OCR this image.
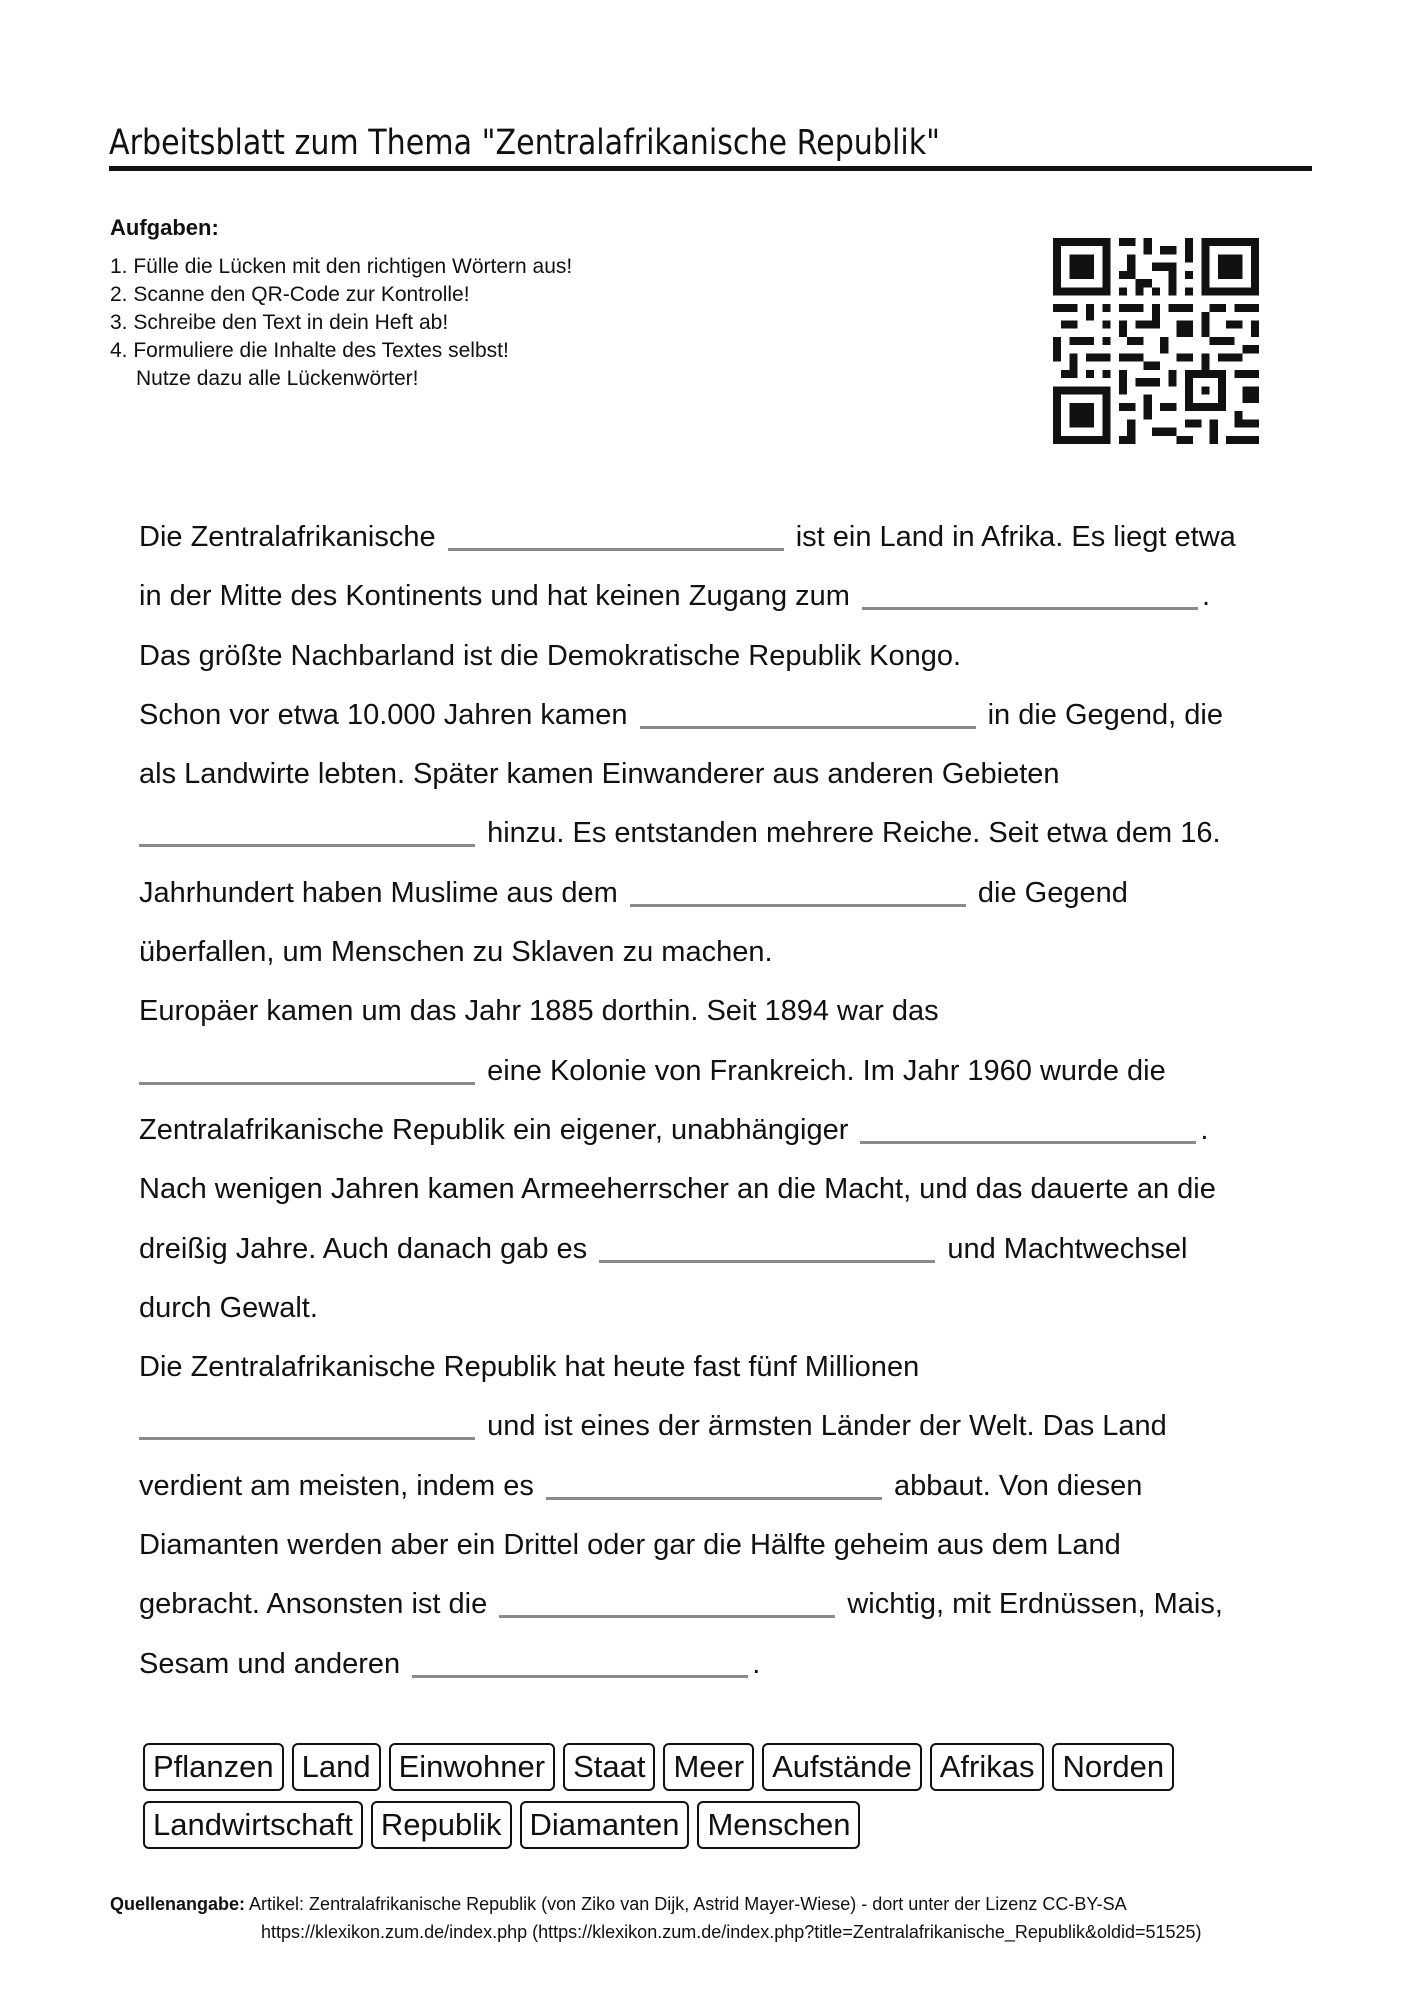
Arbeitsblatt zum Thema "Zentralafrikanische Republik"
Aufgaben:
1. Fülle die Lücken mit den richtigen Wörtern aus!
2. Scanne den QR-Code zur Kontrolle!
3. Schreibe den Text in dein Heft ab!
4. Formuliere die Inhalte des Textes selbst!
Nutze dazu alle Lückenwörter!
Die Zentralafrikanische	ist ein Land in Afrika. Es liegt etwa
in der Mitte des Kontinents und hat keinen Zugang zum	.
Das größte Nachbarland ist die Demokratische Republik Kongo.
Schon vor etwa 10.000 Jahren kamen	in die Gegend, die
als Landwirte lebten. Später kamen Einwanderer aus anderen Gebieten
hinzu. Es entstanden mehrere Reiche. Seit etwa dem 16.
Jahrhundert haben Muslime aus dem	die Gegend
überfallen, um Menschen zu Sklaven zu machen.
Europäer kamen um das Jahr 1885 dorthin. Seit 1894 war das
eine Kolonie von Frankreich. Im Jahr 1960 wurde die
Zentralafrikanische Republik ein eigener, unabhängiger	.
Nach wenigen Jahren kamen Armeeherrscher an die Macht, und das dauerte an die
dreißig Jahre. Auch danach gab es	und Machtwechsel
durch Gewalt.
Die Zentralafrikanische Republik hat heute fast fünf Millionen
und ist eines der ärmsten Länder der Welt. Das Land
verdient am meisten, indem es	abbaut. Von diesen
Diamanten werden aber ein Drittel oder gar die Hälfte geheim aus dem Land
gebracht. Ansonsten ist die	wichtig, mit Erdnüssen, Mais,
Sesam und anderen	.
Pflanzen Land Einwohner Staat Meer Aufstände Afrikas Norden
Landwirtschaft Republik Diamanten Menschen
Quellenangabe: Artikel: Zentralafrikanische Republik (von Ziko van Dijk, Astrid Mayer-Wiese) - dort unter der Lizenz CC-BY-SA
https://klexikon.zum.de/index.php (https://klexikon.zum.de/index.php?title=Zentralafrikanische_Republik&oldid=51525)
